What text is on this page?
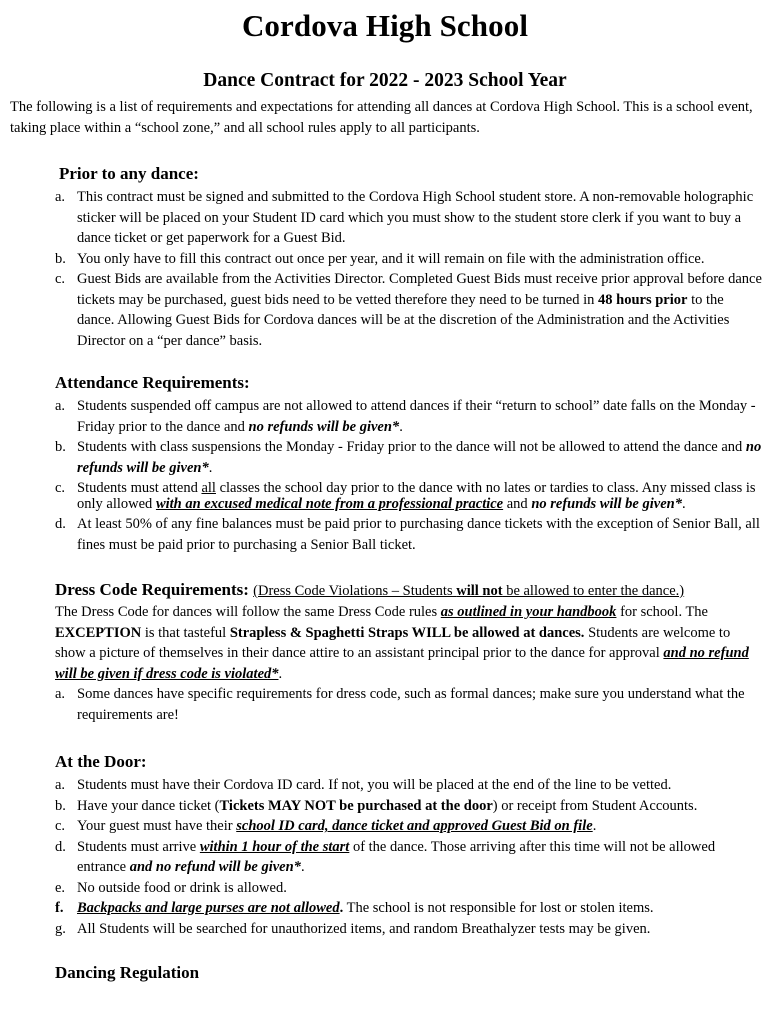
Cordova High School
Dance Contract for 2022 - 2023 School Year
The following is a list of requirements and expectations for attending all dances at Cordova High School. This is a school event, taking place within a “school zone,” and all school rules apply to all participants.
Prior to any dance:
a. This contract must be signed and submitted to the Cordova High School student store. A non-removable holographic sticker will be placed on your Student ID card which you must show to the student store clerk if you want to buy a dance ticket or get paperwork for a Guest Bid.
b. You only have to fill this contract out once per year, and it will remain on file with the administration office.
c. Guest Bids are available from the Activities Director. Completed Guest Bids must receive prior approval before dance tickets may be purchased, guest bids need to be vetted therefore they need to be turned in 48 hours prior to the dance. Allowing Guest Bids for Cordova dances will be at the discretion of the Administration and the Activities Director on a “per dance” basis.
Attendance Requirements:
a. Students suspended off campus are not allowed to attend dances if their “return to school” date falls on the Monday - Friday prior to the dance and no refunds will be given*.
b. Students with class suspensions the Monday - Friday prior to the dance will not be allowed to attend the dance and no refunds will be given*.
c. Students must attend all classes the school day prior to the dance with no lates or tardies to class. Any missed class is only allowed with an excused medical note from a professional practice and no refunds will be given*.
d. At least 50% of any fine balances must be paid prior to purchasing dance tickets with the exception of Senior Ball, all fines must be paid prior to purchasing a Senior Ball ticket.
Dress Code Requirements: (Dress Code Violations – Students will not be allowed to enter the dance.)
The Dress Code for dances will follow the same Dress Code rules as outlined in your handbook for school. The EXCEPTION is that tasteful Strapless & Spaghetti Straps WILL be allowed at dances. Students are welcome to show a picture of themselves in their dance attire to an assistant principal prior to the dance for approval and no refund will be given if dress code is violated*.
a. Some dances have specific requirements for dress code, such as formal dances; make sure you understand what the requirements are!
At the Door:
a. Students must have their Cordova ID card. If not, you will be placed at the end of the line to be vetted.
b. Have your dance ticket (Tickets MAY NOT be purchased at the door) or receipt from Student Accounts.
c. Your guest must have their school ID card, dance ticket and approved Guest Bid on file.
d. Students must arrive within 1 hour of the start of the dance. Those arriving after this time will not be allowed entrance and no refund will be given*.
e. No outside food or drink is allowed.
f. Backpacks and large purses are not allowed. The school is not responsible for lost or stolen items.
g. All Students will be searched for unauthorized items, and random Breathalyzer tests may be given.
Dancing Regulation
